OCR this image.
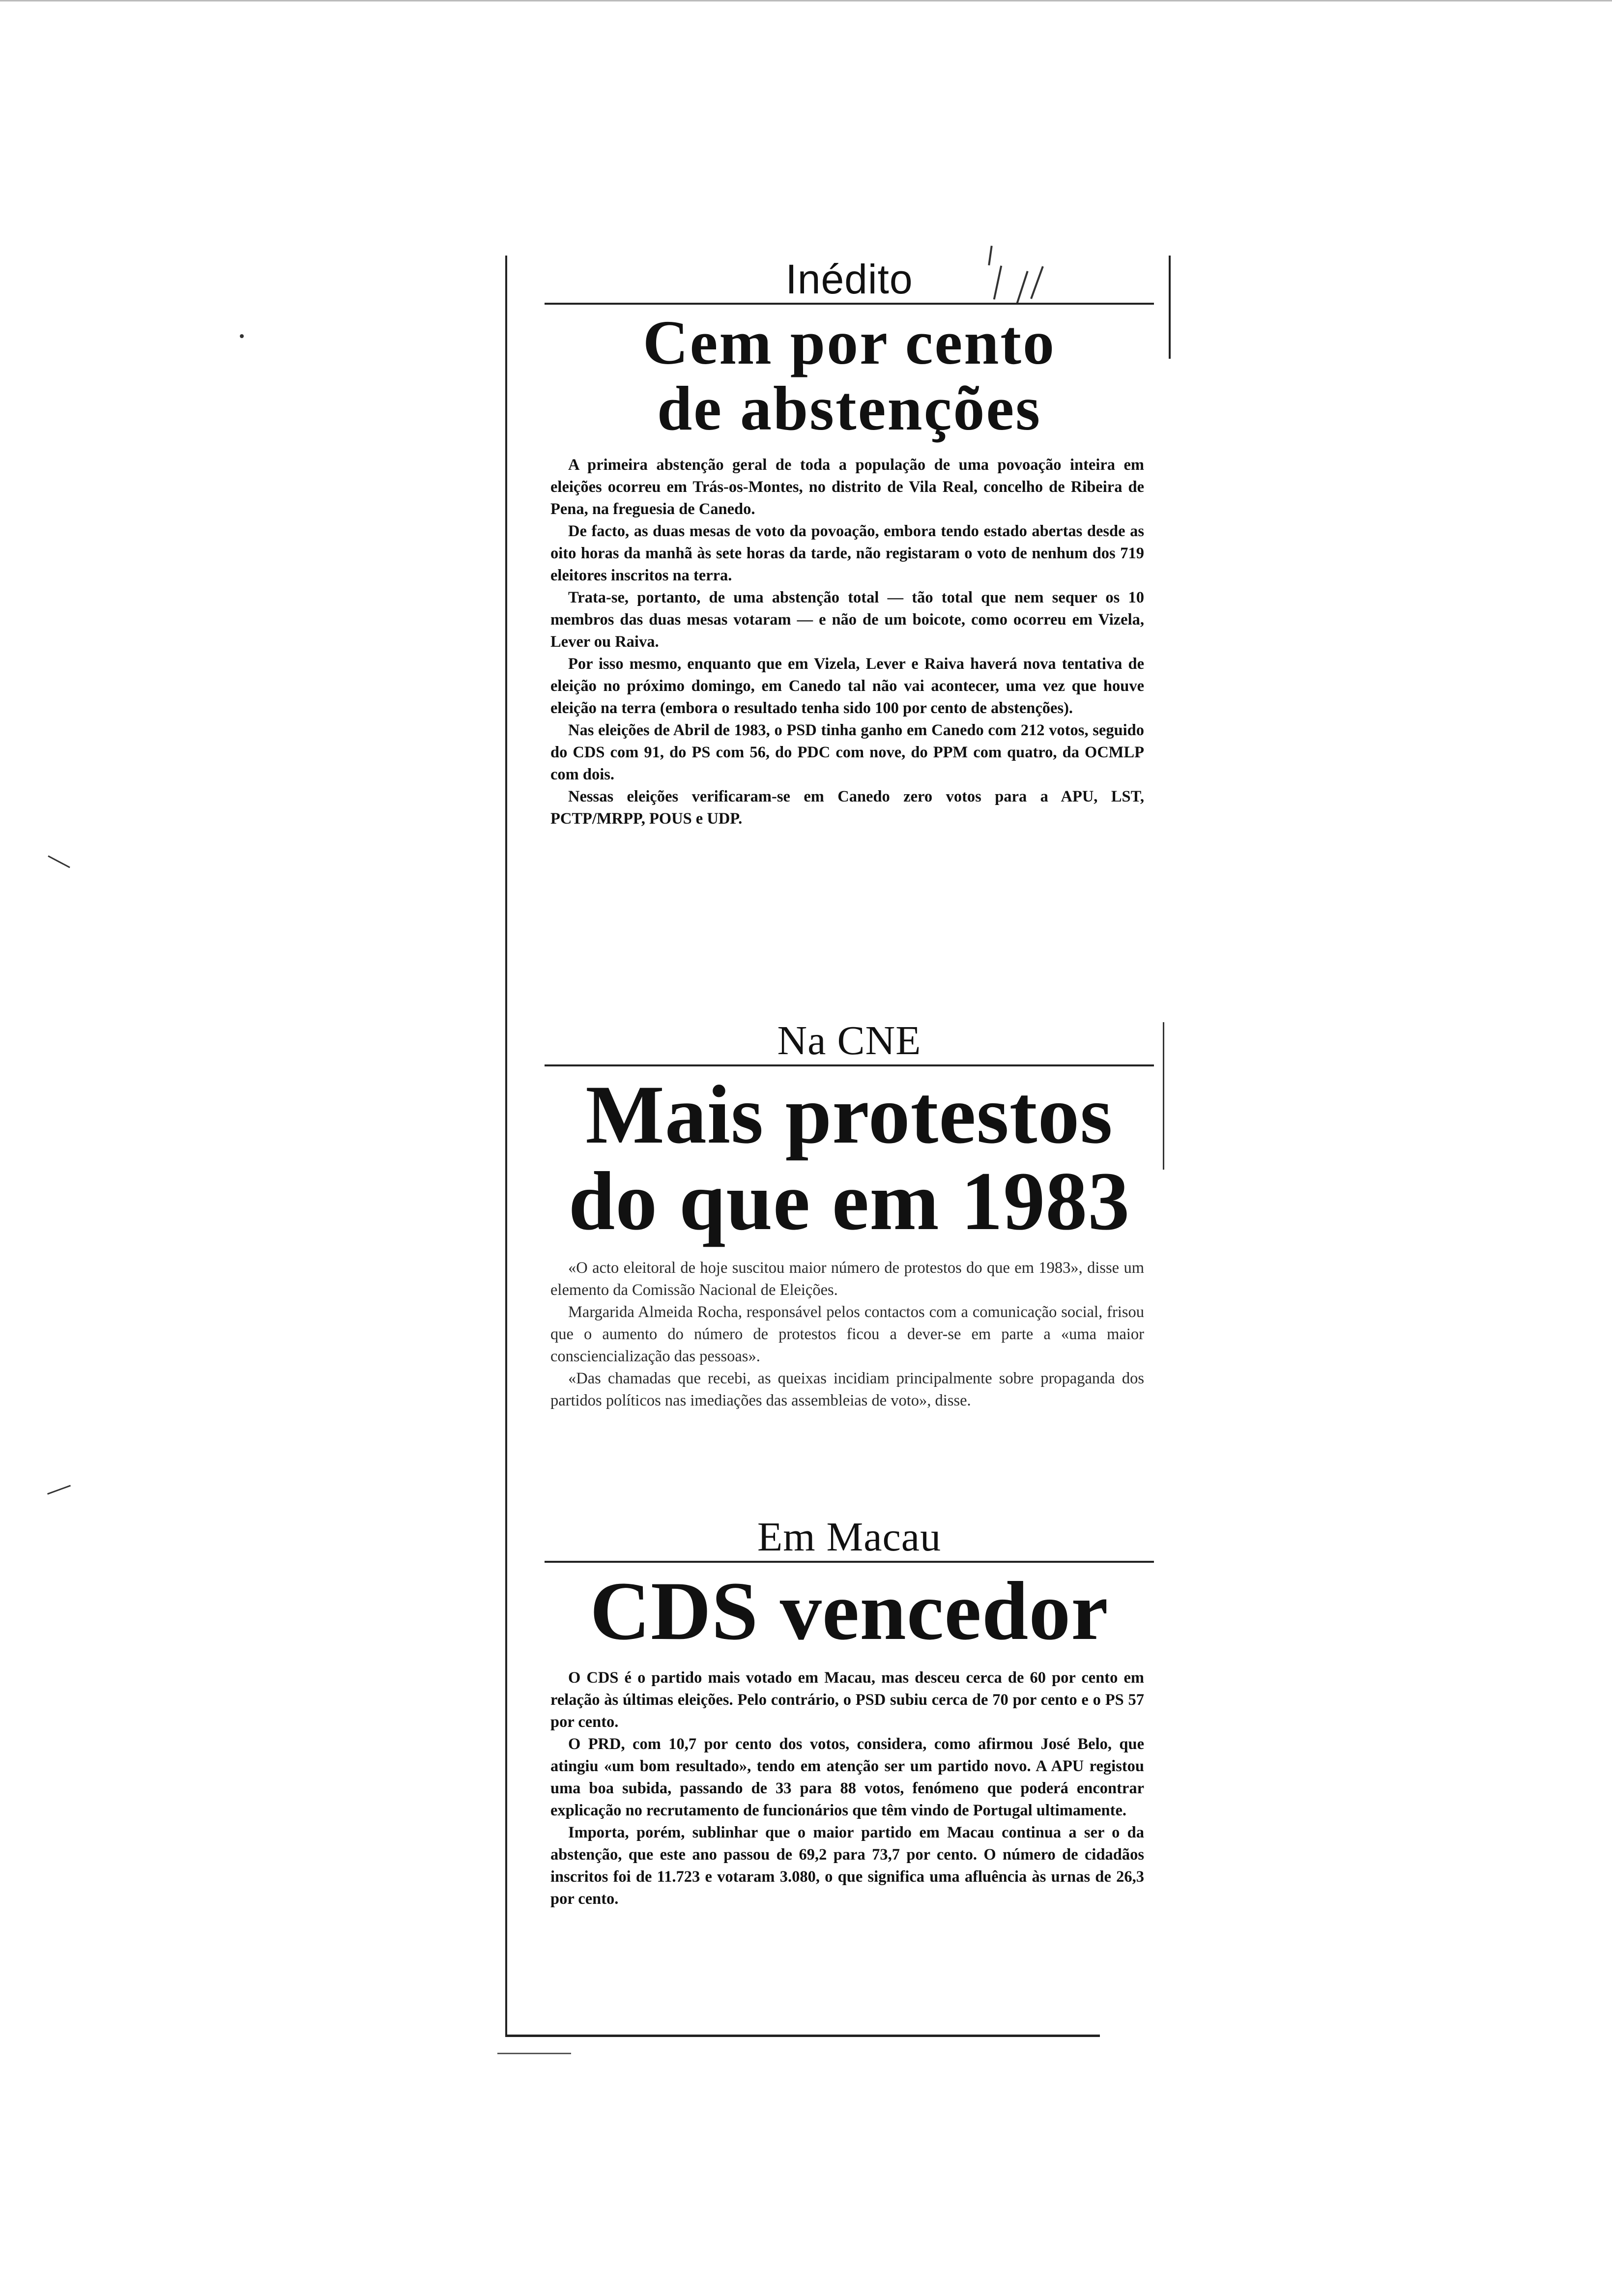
Inédito
Cem por cento
de abstenções

A primeira abstenção geral de toda a população de uma povoação inteira em eleições ocorreu em Trás-os-Montes, no distrito de Vila Real, concelho de Ribeira de Pena, na freguesia de Canedo.

De facto, as duas mesas de voto da povoação, embora tendo estado abertas desde as oito horas da manhã às sete horas da tarde, não registaram o voto de nenhum dos 719 eleitores inscritos na terra.

Trata-se, portanto, de uma abstenção total — tão total que nem sequer os 10 membros das duas mesas votaram — e não de um boicote, como ocorreu em Vizela, Lever ou Raiva.

Por isso mesmo, enquanto que em Vizela, Lever e Raiva haverá nova tentativa de eleição no próximo domingo, em Canedo tal não vai acontecer, uma vez que houve eleição na terra (embora o resultado tenha sido 100 por cento de abstenções).

Nas eleições de Abril de 1983, o PSD tinha ganho em Canedo com 212 votos, seguido do CDS com 91, do PS com 56, do PDC com nove, do PPM com quatro, da OCMLP com dois.

Nessas eleições verificaram-se em Canedo zero votos para a APU, LST, PCTP/MRPP, POUS e UDP.

Na CNE
Mais protestos
do que em 1983

«O acto eleitoral de hoje suscitou maior número de protestos do que em 1983», disse um elemento da Comissão Nacional de Eleições.

Margarida Almeida Rocha, responsável pelos contactos com a comunicação social, frisou que o aumento do número de protestos ficou a dever-se em parte a «uma maior consciencialização das pessoas».

«Das chamadas que recebi, as queixas incidiam principalmente sobre propaganda dos partidos políticos nas imediações das assembleias de voto», disse.

Em Macau
CDS vencedor

O CDS é o partido mais votado em Macau, mas desceu cerca de 60 por cento em relação às últimas eleições. Pelo contrário, o PSD subiu cerca de 70 por cento e o PS 57 por cento.

O PRD, com 10,7 por cento dos votos, considera, como afirmou José Belo, que atingiu «um bom resultado», tendo em atenção ser um partido novo. A APU registou uma boa subida, passando de 33 para 88 votos, fenómeno que poderá encontrar explicação no recrutamento de funcionários que têm vindo de Portugal ultimamente.

Importa, porém, sublinhar que o maior partido em Macau continua a ser o da abstenção, que este ano passou de 69,2 para 73,7 por cento. O número de cidadãos inscritos foi de 11.723 e votaram 3.080, o que significa uma afluência às urnas de 26,3 por cento.
